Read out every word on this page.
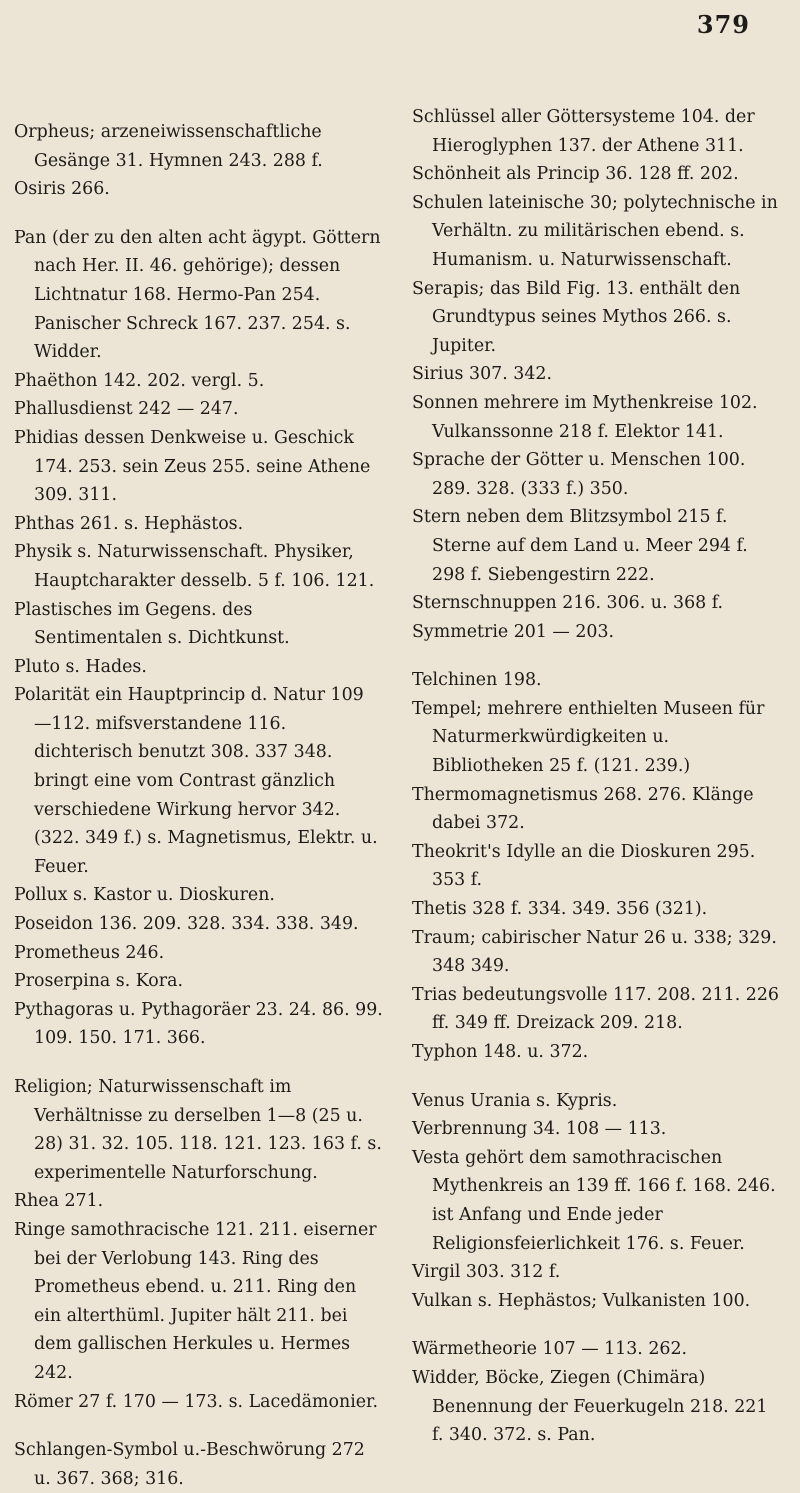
379
Orpheus; arzeneiwissenschaftliche Gesänge 31. Hymnen 243. 288 f.
Osiris 266.
Pan (der zu den alten acht ägypt. Göttern nach Her. II. 46. gehörige); dessen Lichtnatur 168. Hermo-Pan 254. Panischer Schreck 167. 237. 254. s. Widder.
Phaëthon 142. 202. vergl. 5.
Phallusdienst 242 — 247.
Phidias dessen Denkweise u. Geschick 174. 253. sein Zeus 255. seine Athene 309. 311.
Phthas 261. s. Hephästos.
Physik s. Naturwissenschaft. Physiker, Hauptcharakter desselb. 5 f. 106. 121.
Plastisches im Gegens. des Sentimentalen s. Dichtkunst.
Pluto s. Hades.
Polarität ein Hauptprincip d. Natur 109 —112. mifsverstandene 116. dichterisch benutzt 308. 337 348. bringt eine vom Contrast gänzlich verschiedene Wirkung hervor 342. (322. 349 f.) s. Magnetismus, Elektr. u. Feuer.
Pollux s. Kastor u. Dioskuren.
Poseidon 136. 209. 328. 334. 338. 349.
Prometheus 246.
Proserpina s. Kora.
Pythagoras u. Pythagoräer 23. 24. 86. 99. 109. 150. 171. 366.
Religion; Naturwissenschaft im Verhältnisse zu derselben 1—8 (25 u. 28) 31. 32. 105. 118. 121. 123. 163 f. s. experimentelle Naturforschung.
Rhea 271.
Ringe samothracische 121. 211. eiserner bei der Verlobung 143. Ring des Prometheus ebend. u. 211. Ring den ein alterthüml. Jupiter hält 211. bei dem gallischen Herkules u. Hermes 242.
Römer 27 f. 170 — 173. s. Lacedämonier.
Schlangen-Symbol u.-Beschwörung 272 u. 367. 368; 316.
Schlüssel aller Göttersysteme 104. der Hieroglyphen 137. der Athene 311.
Schönheit als Princip 36. 128 ff. 202.
Schulen lateinische 30; polytechnische in Verhältn. zu militärischen ebend. s. Humanism. u. Naturwissenschaft.
Serapis; das Bild Fig. 13. enthält den Grundtypus seines Mythos 266. s. Jupiter.
Sirius 307. 342.
Sonnen mehrere im Mythenkreise 102. Vulkanssonne 218 f. Elektor 141.
Sprache der Götter u. Menschen 100. 289. 328. (333 f.) 350.
Stern neben dem Blitzsymbol 215 f. Sterne auf dem Land u. Meer 294 f. 298 f. Siebengestirn 222.
Sternschnuppen 216. 306. u. 368 f.
Symmetrie 201 — 203.
Telchinen 198.
Tempel; mehrere enthielten Museen für Naturmerkwürdigkeiten u. Bibliotheken 25 f. (121. 239.)
Thermomagnetismus 268. 276. Klänge dabei 372.
Theokrit's Idylle an die Dioskuren 295. 353 f.
Thetis 328 f. 334. 349. 356 (321).
Traum; cabirischer Natur 26 u. 338; 329. 348 349.
Trias bedeutungsvolle 117. 208. 211. 226 ff. 349 ff. Dreizack 209. 218.
Typhon 148. u. 372.
Venus Urania s. Kypris.
Verbrennung 34. 108 — 113.
Vesta gehört dem samothracischen Mythenkreis an 139 ff. 166 f. 168. 246. ist Anfang und Ende jeder Religionsfeierlichkeit 176. s. Feuer.
Virgil 303. 312 f.
Vulkan s. Hephästos; Vulkanisten 100.
Wärmetheorie 107 — 113. 262.
Widder, Böcke, Ziegen (Chimära) Benennung der Feuerkugeln 218. 221 f. 340. 372. s. Pan.
